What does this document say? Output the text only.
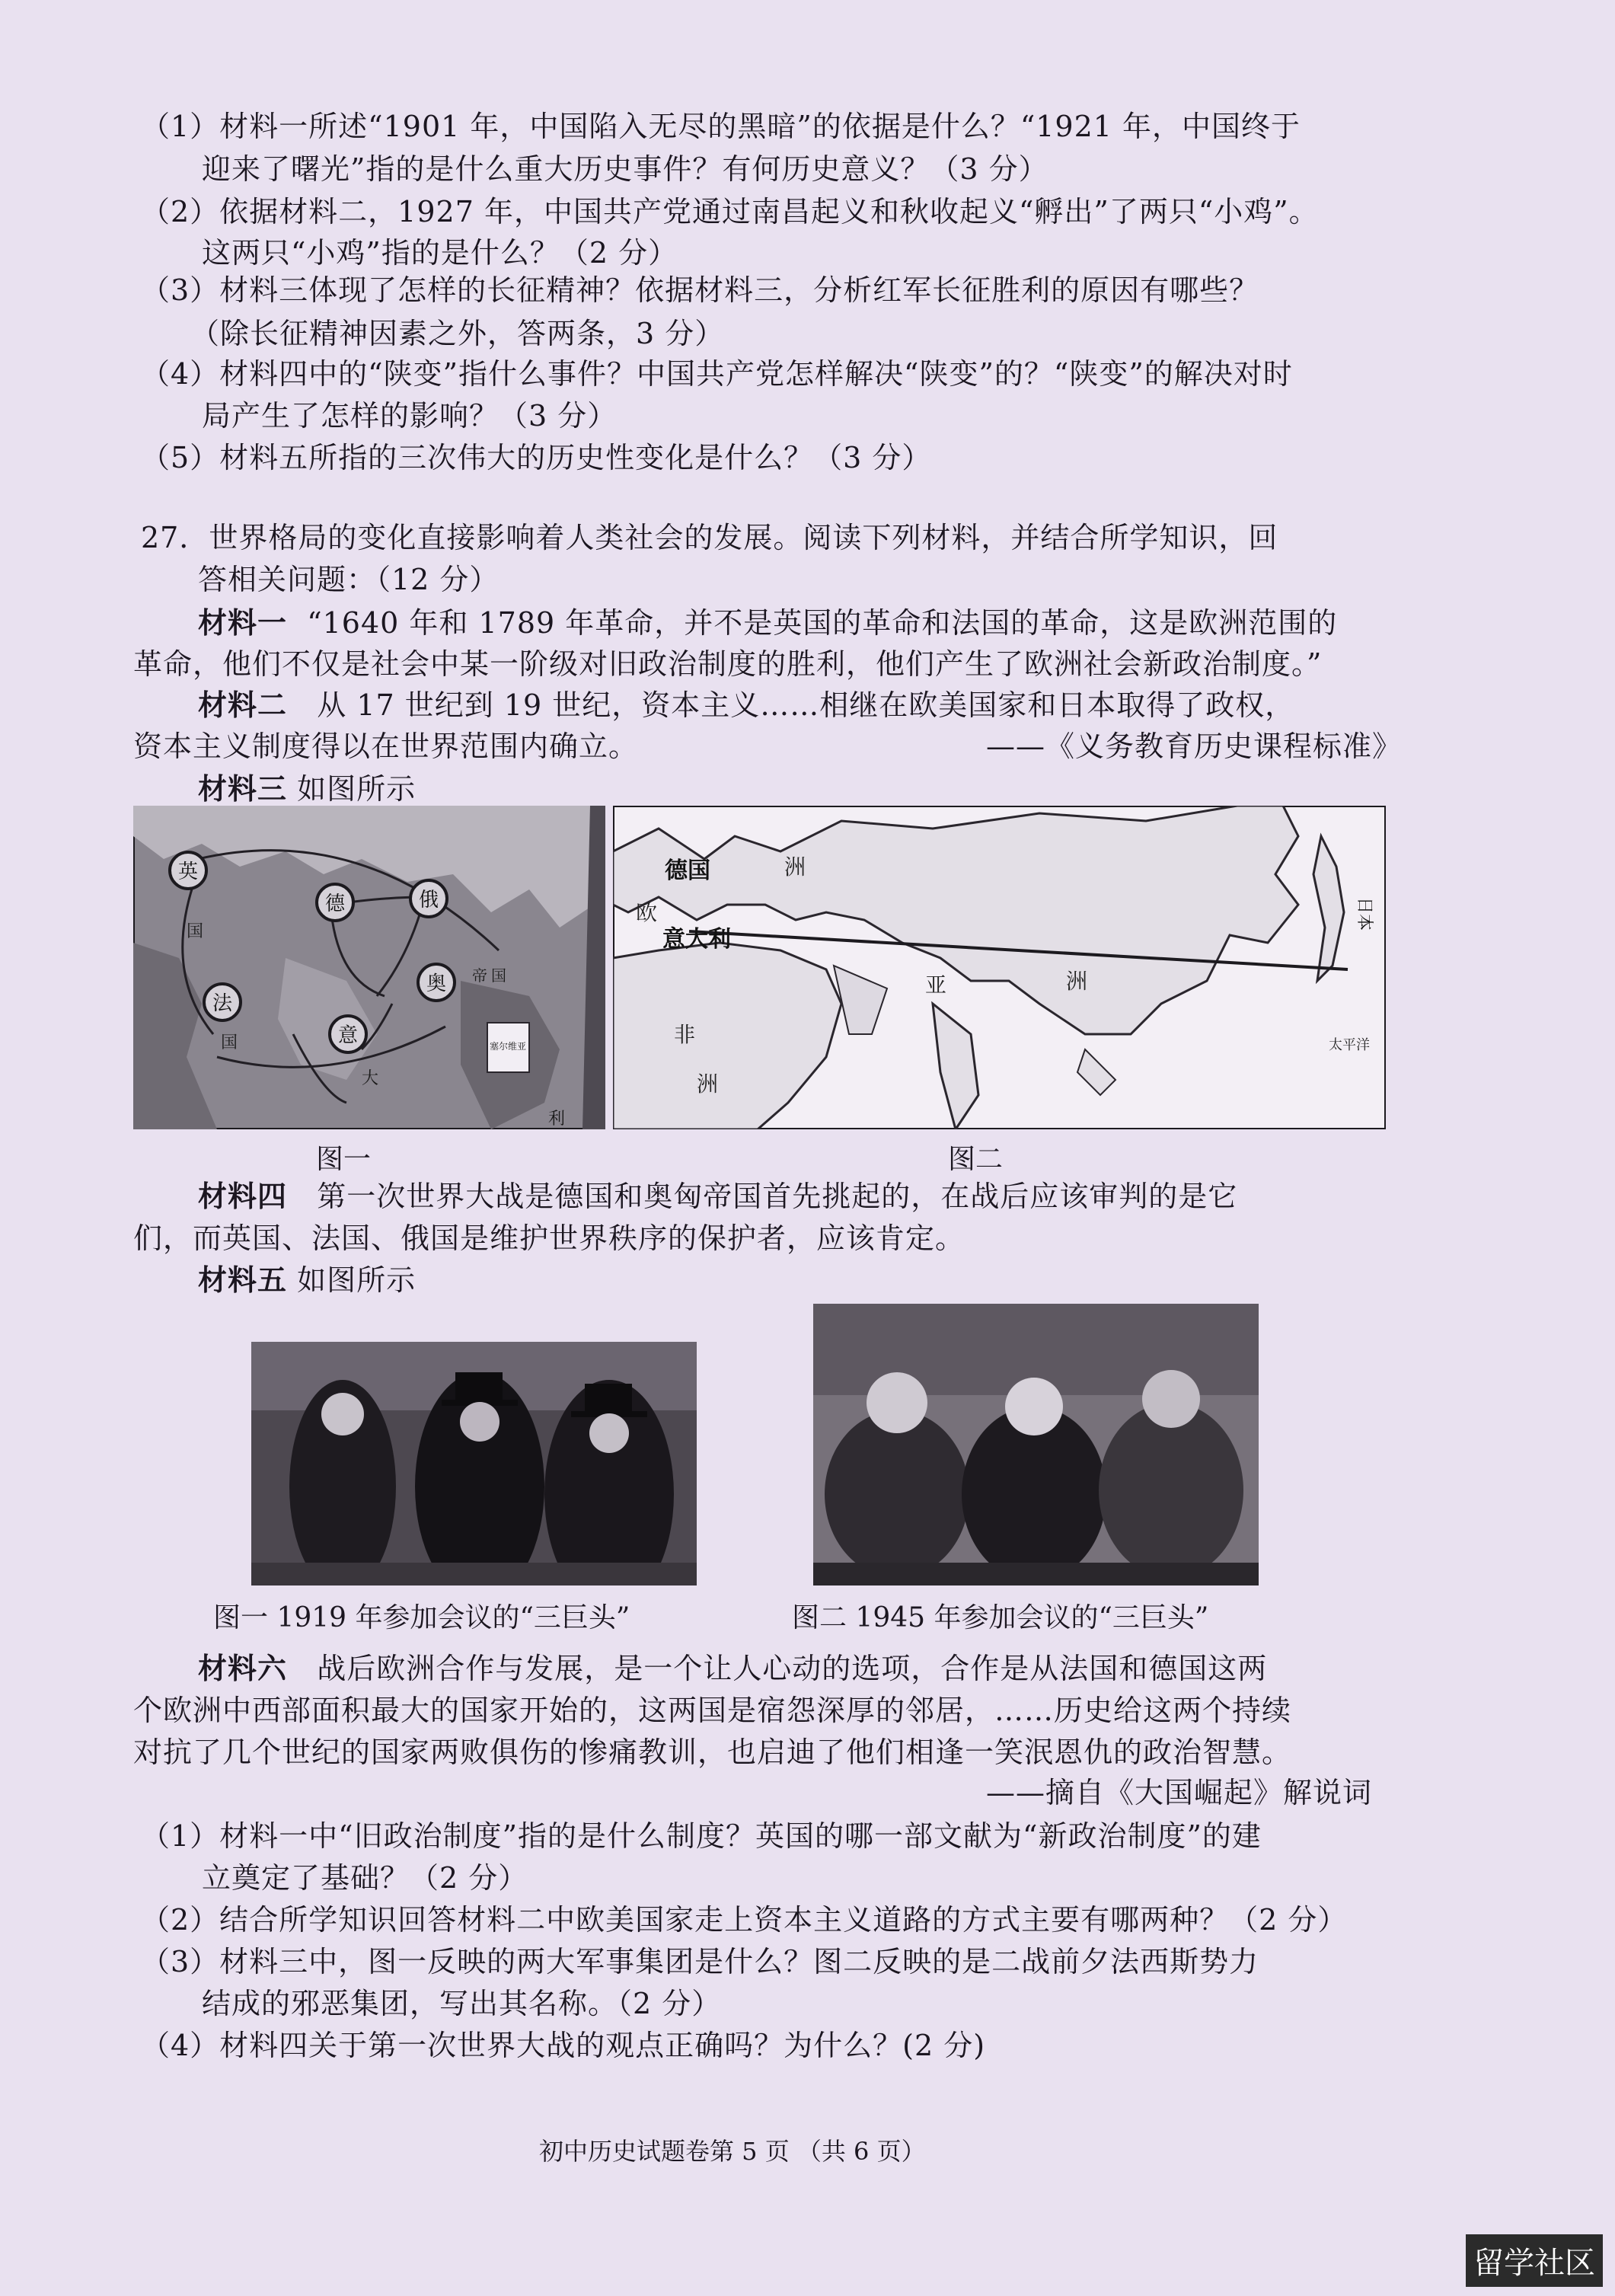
（1）材料一所述“1901 年，中国陷入无尽的黑暗”的依据是什么？“1921 年，中国终于
迎来了曙光”指的是什么重大历史事件？有何历史意义？（3 分）
（2）依据材料二，1927 年，中国共产党通过南昌起义和秋收起义“孵出”了两只“小鸡”。
这两只“小鸡”指的是什么？（2 分）
（3）材料三体现了怎样的长征精神？依据材料三，分析红军长征胜利的原因有哪些？
（除长征精神因素之外，答两条，3 分）
（4）材料四中的“陕变”指什么事件？中国共产党怎样解决“陕变”的？“陕变”的解决对时
局产生了怎样的影响？（3 分）
（5）材料五所指的三次伟大的历史性变化是什么？（3 分）
27．世界格局的变化直接影响着人类社会的发展。阅读下列材料，并结合所学知识，回
答相关问题：（12 分）
材料一 “1640 年和 1789 年革命，并不是英国的革命和法国的革命，这是欧洲范围的
革命，他们不仅是社会中某一阶级对旧政治制度的胜利，他们产生了欧洲社会新政治制度。”
材料二 从 17 世纪到 19 世纪，资本主义……相继在欧美国家和日本取得了政权，
资本主义制度得以在世界范围内确立。	——《义务教育历史课程标准》
材料三 如图所示
英
德	俄
法
奥
意
国
国
帝 国
塞尔维亚
大
利
图一
德国
意大利
日本
欧
洲
亚	洲
非
洲
太平洋
图二
材料四 第一次世界大战是德国和奥匈帝国首先挑起的，在战后应该审判的是它
们，而英国、法国、俄国是维护世界秩序的保护者，应该肯定。
材料五 如图所示
图一 1919 年参加会议的“三巨头”	图二 1945 年参加会议的“三巨头”
材料六 战后欧洲合作与发展，是一个让人心动的选项，合作是从法国和德国这两
个欧洲中西部面积最大的国家开始的，这两国是宿怨深厚的邻居，……历史给这两个持续
对抗了几个世纪的国家两败俱伤的惨痛教训，也启迪了他们相逢一笑泯恩仇的政治智慧。
——摘自《大国崛起》解说词
（1）材料一中“旧政治制度”指的是什么制度？英国的哪一部文献为“新政治制度”的建
立奠定了基础？（2 分）
（2）结合所学知识回答材料二中欧美国家走上资本主义道路的方式主要有哪两种？（2 分）
（3）材料三中，图一反映的两大军事集团是什么？图二反映的是二战前夕法西斯势力
结成的邪恶集团，写出其名称。（2 分）
（4）材料四关于第一次世界大战的观点正确吗？为什么？(2 分)
初中历史试题卷第 5 页 （共 6 页）
留学社区
